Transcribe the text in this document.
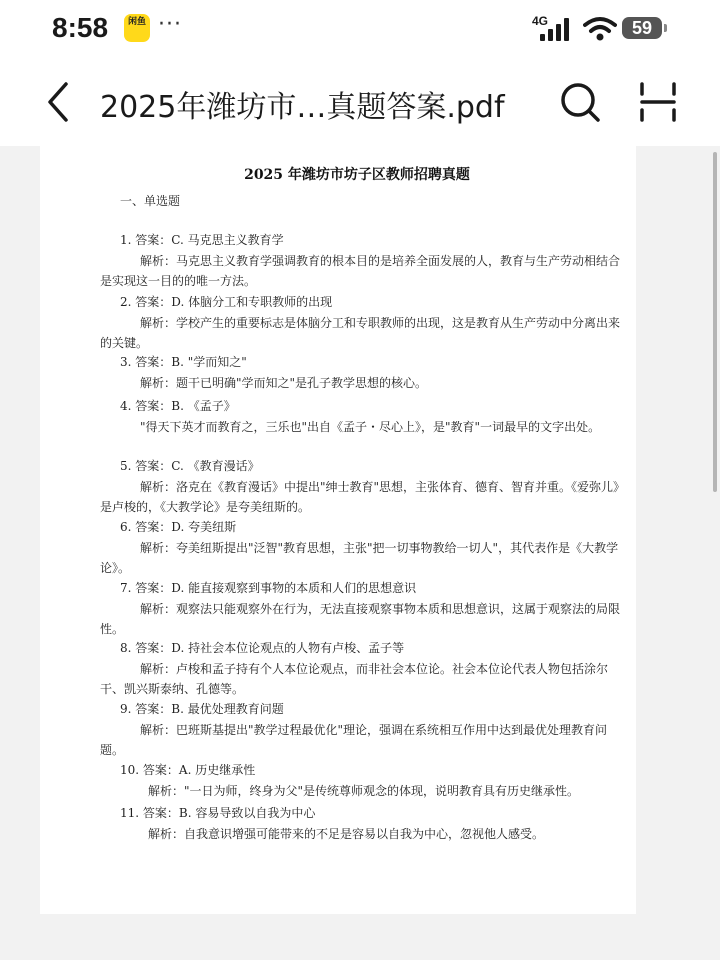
8:58	闲鱼 ···	4G	59
2025年潍坊市…真题答案.pdf
2025 年潍坊市坊子区教师招聘真题
一、单选题
1. 答案：C. 马克思主义教育学
解析：马克思主义教育学强调教育的根本目的是培养全面发展的人，教育与生产劳动相结合是实现这一目的的唯一方法。
2. 答案：D. 体脑分工和专职教师的出现
解析：学校产生的重要标志是体脑分工和专职教师的出现，这是教育从生产劳动中分离出来的关键。
3. 答案：B. "学而知之"
解析：题干已明确"学而知之"是孔子教学思想的核心。
4. 答案：B. 《孟子》
"得天下英才而教育之，三乐也"出自《孟子・尽心上》，是"教育"一词最早的文字出处。
5. 答案：C. 《教育漫话》
解析：洛克在《教育漫话》中提出"绅士教育"思想，主张体育、德育、智育并重。《爱弥儿》是卢梭的，《大教学论》是夸美纽斯的。
6. 答案：D. 夸美纽斯
解析：夸美纽斯提出"泛智"教育思想，主张"把一切事物教给一切人"，其代表作是《大教学论》。
7. 答案：D. 能直接观察到事物的本质和人们的思想意识
解析：观察法只能观察外在行为，无法直接观察事物本质和思想意识，这属于观察法的局限性。
8. 答案：D. 持社会本位论观点的人物有卢梭、孟子等
解析：卢梭和孟子持有个人本位论观点，而非社会本位论。社会本位论代表人物包括涂尔干、凯兴斯泰纳、孔德等。
9. 答案：B. 最优处理教育问题
解析：巴班斯基提出"教学过程最优化"理论，强调在系统相互作用中达到最优处理教育问题。
10. 答案：A. 历史继承性
解析："一日为师，终身为父"是传统尊师观念的体现，说明教育具有历史继承性。
11. 答案：B. 容易导致以自我为中心
解析：自我意识增强可能带来的不足是容易以自我为中心，忽视他人感受。
